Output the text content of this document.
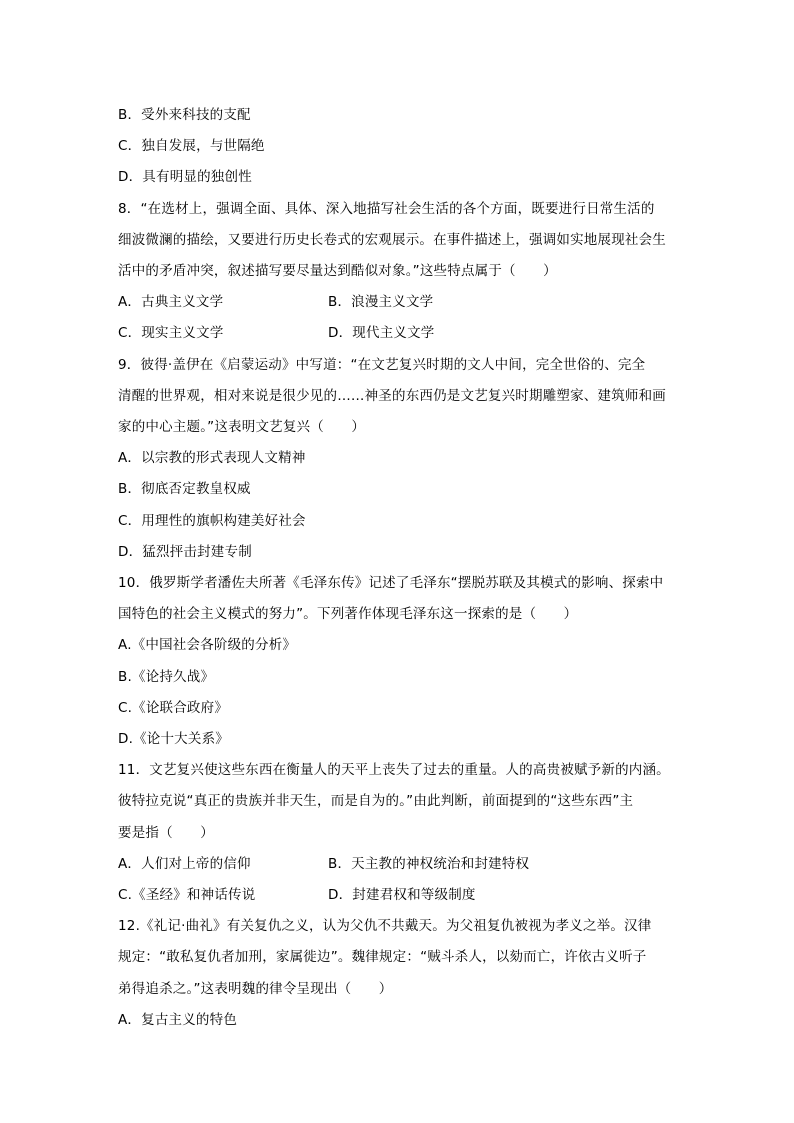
B．受外来科技的支配
C．独自发展，与世隔绝
D．具有明显的独创性
8．“在选材上，强调全面、具体、深入地描写社会生活的各个方面，既要进行日常生活的
细波微澜的描绘，又要进行历史长卷式的宏观展示。在事件描述上，强调如实地展现社会生
活中的矛盾冲突，叙述描写要尽量达到酷似对象。”这些特点属于（　　）
A．古典主义文学	B．浪漫主义文学
C．现实主义文学	D．现代主义文学
9．彼得·盖伊在《启蒙运动》中写道：“在文艺复兴时期的文人中间，完全世俗的、完全
清醒的世界观，相对来说是很少见的……神圣的东西仍是文艺复兴时期雕塑家、建筑师和画
家的中心主题。”这表明文艺复兴（　　）
A．以宗教的形式表现人文精神
B．彻底否定教皇权威
C．用理性的旗帜构建美好社会
D．猛烈抨击封建专制
10．俄罗斯学者潘佐夫所著《毛泽东传》记述了毛泽东“摆脱苏联及其模式的影响、探索中
国特色的社会主义模式的努力”。下列著作体现毛泽东这一探索的是（　　）
A.《中国社会各阶级的分析》
B.《论持久战》
C.《论联合政府》
D.《论十大关系》
11．文艺复兴使这些东西在衡量人的天平上丧失了过去的重量。人的高贵被赋予新的内涵。
彼特拉克说“真正的贵族并非天生，而是自为的。”由此判断，前面提到的“这些东西”主
要是指（　　）
A．人们对上帝的信仰	B．天主教的神权统治和封建特权
C.《圣经》和神话传说	D．封建君权和等级制度
12.《礼记·曲礼》有关复仇之义，认为父仇不共戴天。为父祖复仇被视为孝义之举。汉律
规定：“敢私复仇者加刑，家属徙边”。魏律规定：“贼斗杀人，以劾而亡，许依古义听子
弟得追杀之。”这表明魏的律令呈现出（　　）
A．复古主义的特色
